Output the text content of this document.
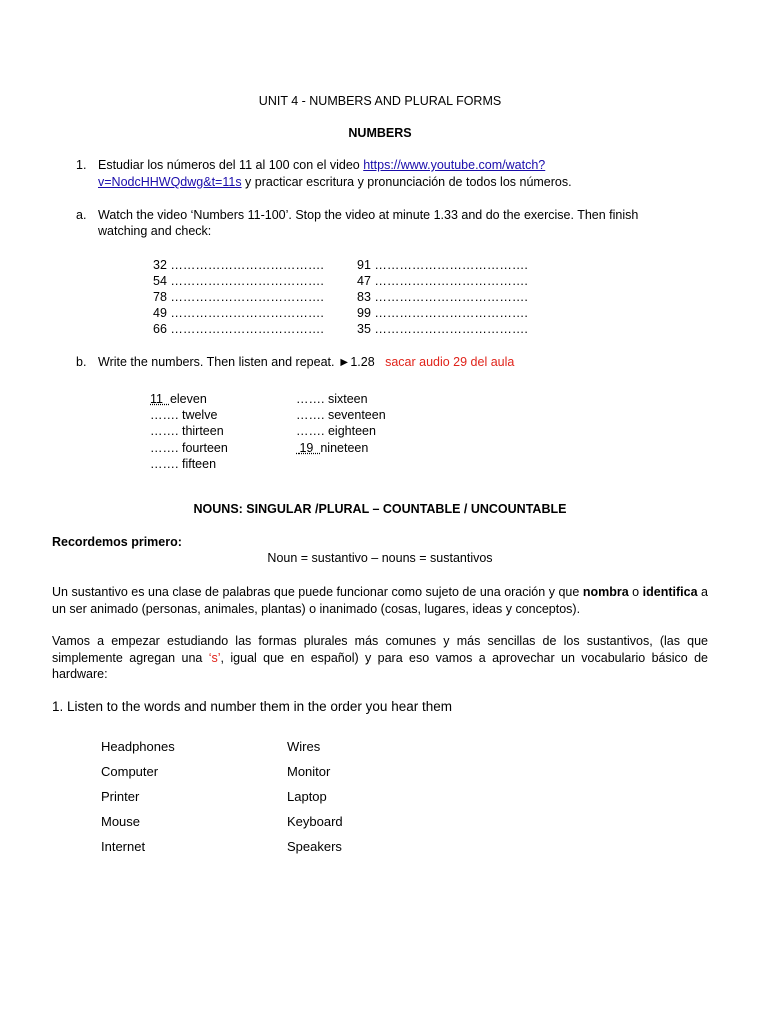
UNIT 4 - NUMBERS AND PLURAL FORMS
NUMBERS
1. Estudiar los números del 11 al 100 con el video https://www.youtube.com/watch?
v=NodcHHWQdwg&t=11s y practicar escritura y pronunciación de todos los números.
a. Watch the video ‘Numbers 11-100’. Stop the video at minute 1.33 and do the exercise. Then finish
watching and check:
32 ……………………………….
54 ……………………………….
78 ……………………………….
49 ……………………………….
66 ……………………………….
91 ……………………………….
47 ……………………………….
83 ……………………………….
99 ……………………………….
35 ……………………………….
b. Write the numbers. Then listen and repeat. ►1.28 sacar audio 29 del aula
11 eleven
……. twelve
……. thirteen
……. fourteen
……. fifteen
……. sixteen
……. seventeen
……. eighteen
19 nineteen
NOUNS: SINGULAR /PLURAL – COUNTABLE / UNCOUNTABLE
Recordemos primero:
Noun = sustantivo – nouns = sustantivos
Un sustantivo es una clase de palabras que puede funcionar como sujeto de una oración y que nombra o identifica a un ser animado (personas, animales, plantas) o inanimado (cosas, lugares, ideas y conceptos).
Vamos a empezar estudiando las formas plurales más comunes y más sencillas de los sustantivos, (las que simplemente agregan una ‘s’, igual que en español) y para eso vamos a aprovechar un vocabulario básico de hardware:
1. Listen to the words and number them in the order you hear them
Headphones
Computer
Printer
Mouse
Internet
Wires
Monitor
Laptop
Keyboard
Speakers
